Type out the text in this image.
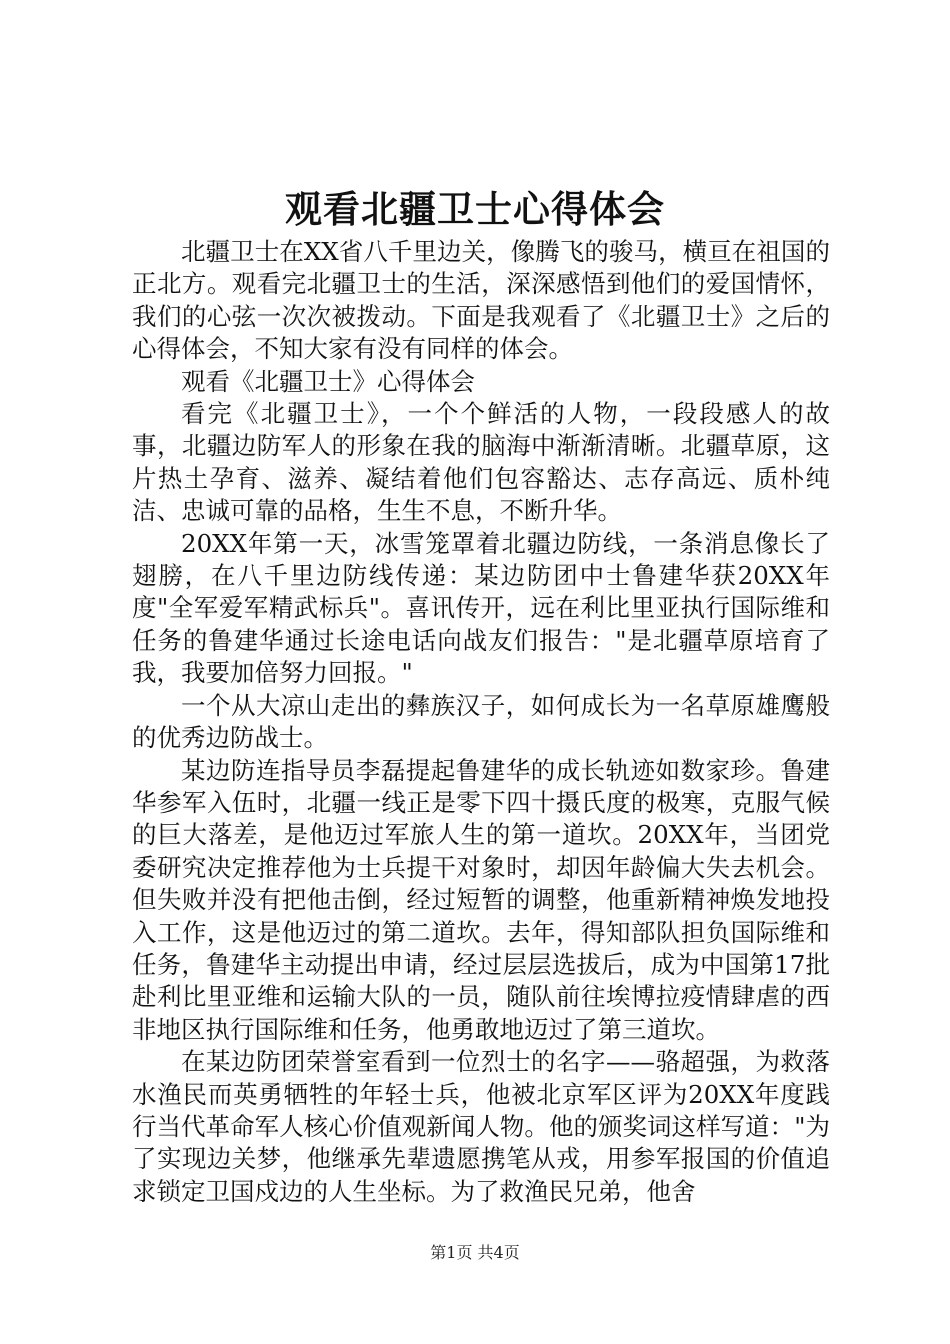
观看北疆卫士心得体会

北疆卫士在XX省八千里边关，像腾飞的骏马，横亘在祖国的正北方。观看完北疆卫士的生活，深深感悟到他们的爱国情怀，我们的心弦一次次被拨动。下面是我观看了《北疆卫士》之后的心得体会，不知大家有没有同样的体会。

观看《北疆卫士》心得体会

看完《北疆卫士》，一个个鲜活的人物，一段段感人的故事，北疆边防军人的形象在我的脑海中渐渐清晰。北疆草原，这片热土孕育、滋养、凝结着他们包容豁达、志存高远、质朴纯洁、忠诚可靠的品格，生生不息，不断升华。

20XX年第一天，冰雪笼罩着北疆边防线，一条消息像长了翅膀，在八千里边防线传递：某边防团中士鲁建华获20XX年度"全军爱军精武标兵"。喜讯传开，远在利比里亚执行国际维和任务的鲁建华通过长途电话向战友们报告："是北疆草原培育了我，我要加倍努力回报。"

一个从大凉山走出的彝族汉子，如何成长为一名草原雄鹰般的优秀边防战士。

某边防连指导员李磊提起鲁建华的成长轨迹如数家珍。鲁建华参军入伍时，北疆一线正是零下四十摄氏度的极寒，克服气候的巨大落差，是他迈过军旅人生的第一道坎。20XX年，当团党委研究决定推荐他为士兵提干对象时，却因年龄偏大失去机会。但失败并没有把他击倒，经过短暂的调整，他重新精神焕发地投入工作，这是他迈过的第二道坎。去年，得知部队担负国际维和任务，鲁建华主动提出申请，经过层层选拔后，成为中国第17批赴利比里亚维和运输大队的一员，随队前往埃博拉疫情肆虐的西非地区执行国际维和任务，他勇敢地迈过了第三道坎。

在某边防团荣誉室看到一位烈士的名字——骆超强，为救落水渔民而英勇牺牲的年轻士兵，他被北京军区评为20XX年度践行当代革命军人核心价值观新闻人物。他的颁奖词这样写道："为了实现边关梦，他继承先辈遗愿携笔从戎，用参军报国的价值追求锁定卫国戍边的人生坐标。为了救渔民兄弟，他舍

第1页 共4页
